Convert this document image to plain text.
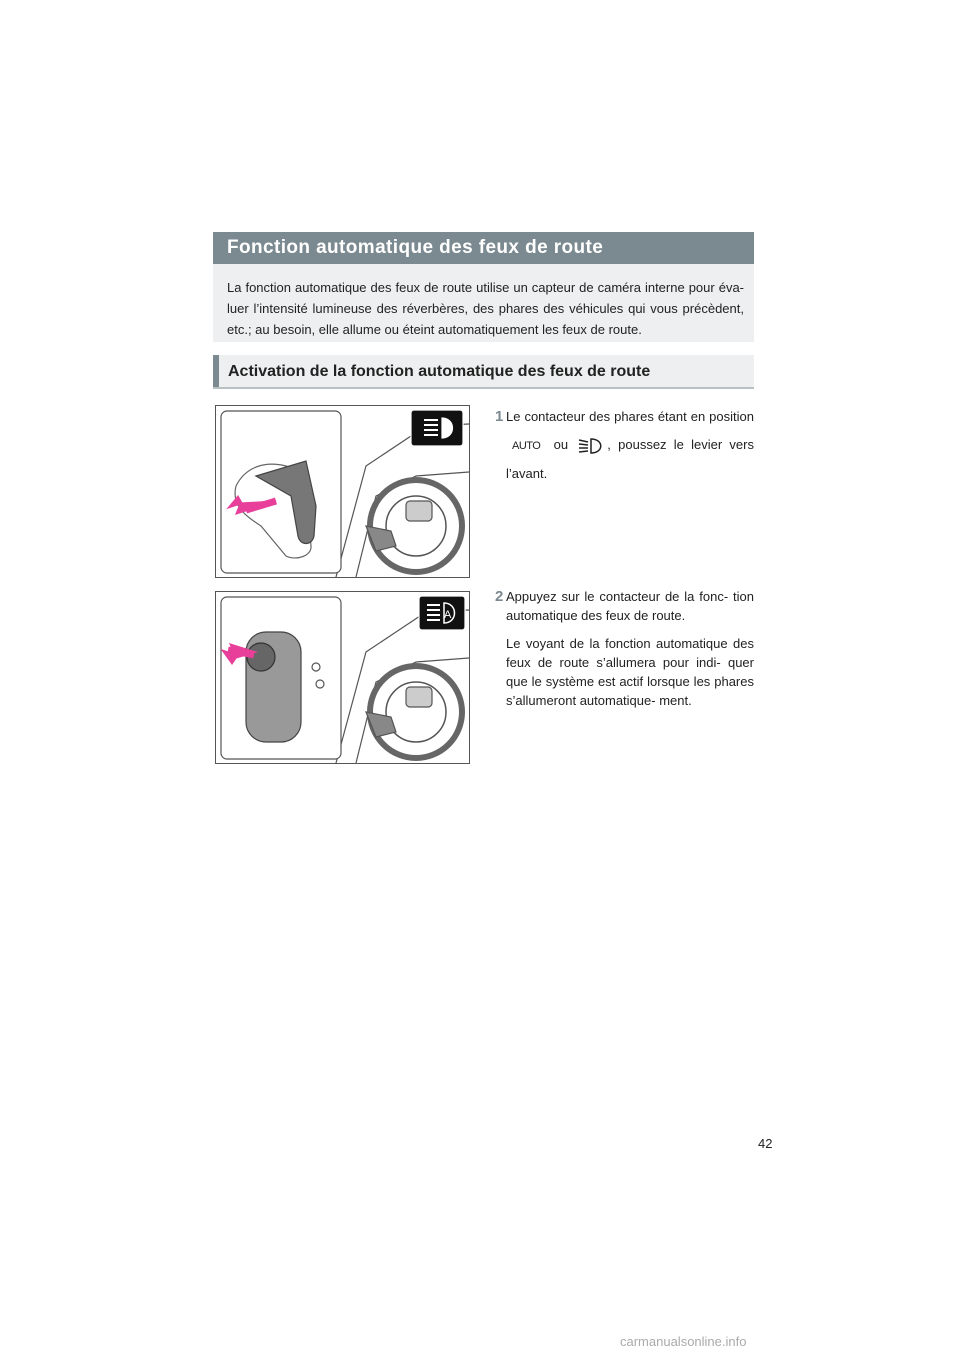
Fonction automatique des feux de route
La fonction automatique des feux de route utilise un capteur de caméra interne pour éva- luer l’intensité lumineuse des réverbères, des phares des véhicules qui vous précèdent, etc.; au besoin, elle allume ou éteint automatiquement les feux de route.
Activation de la fonction automatique des feux de route
A
1 Le contacteur des phares étant en position AUTO ou	, poussez le levier vers l’avant.

2 Appuyez sur le contacteur de la fonc- tion automatique des feux de route.

Le voyant de la fonction automatique des feux de route s’allumera pour indi- quer que le système est actif lorsque les phares s’allumeront automatique- ment.

42
carmanualsonline.info
